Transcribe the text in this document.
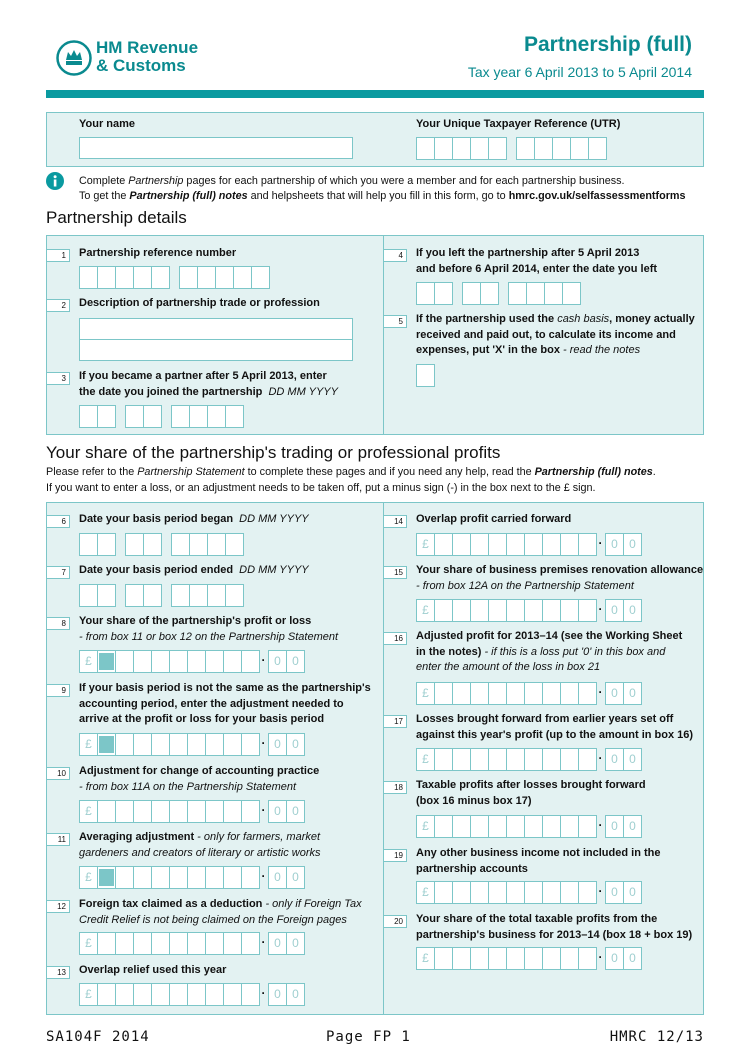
HM Revenue
& Customs
Partnership (full)
Tax year 6 April 2013 to 5 April 2014
Your name	Your Unique Taxpayer Reference (UTR)
Complete Partnership pages for each partnership of which you were a member and for each partnership business.
To get the Partnership (full) notes and helpsheets that will help you fill in this form, go to hmrc.gov.uk/selfassessmentforms
Partnership details
1	Partnership reference number
2	Description of partnership trade or profession
3	If you became a partner after 5 April 2013, enter
the date you joined the partnership DD MM YYYY
4	If you left the partnership after 5 April 2013
and before 6 April 2014, enter the date you left
5	If the partnership used the cash basis, money actually
received and paid out, to calculate its income and
expenses, put 'X' in the box - read the notes
Your share of the partnership's trading or professional profits
Please refer to the Partnership Statement to complete these pages and if you need any help, read the Partnership (full) notes.
If you want to enter a loss, or an adjustment needs to be taken off, put a minus sign (-) in the box next to the £ sign.
6	Date your basis period began DD MM YYYY
7	Date your basis period ended DD MM YYYY
8	Your share of the partnership's profit or loss
- from box 11 or box 12 on the Partnership Statement
£	· 0 0
9	If your basis period is not the same as the partnership's
accounting period, enter the adjustment needed to
arrive at the profit or loss for your basis period
£	· 0 0
10	Adjustment for change of accounting practice
- from box 11A on the Partnership Statement
£	· 0 0
11	Averaging adjustment - only for farmers, market
gardeners and creators of literary or artistic works
£	· 0 0
12	Foreign tax claimed as a deduction - only if Foreign Tax
Credit Relief is not being claimed on the Foreign pages
£	· 0 0
13	Overlap relief used this year
£	· 0 0
14	Overlap profit carried forward
£	· 0 0
15	Your share of business premises renovation allowance
- from box 12A on the Partnership Statement
£	· 0 0
16	Adjusted profit for 2013–14 (see the Working Sheet
in the notes) - if this is a loss put '0' in this box and
enter the amount of the loss in box 21
£	· 0 0
17	Losses brought forward from earlier years set off
against this year's profit (up to the amount in box 16)
£	· 0 0
18	Taxable profits after losses brought forward
(box 16 minus box 17)
£	· 0 0
19	Any other business income not included in the
partnership accounts
£	· 0 0
20	Your share of the total taxable profits from the
partnership's business for 2013–14 (box 18 + box 19)
£	· 0 0
SA104F 2014	Page FP 1	HMRC 12/13
